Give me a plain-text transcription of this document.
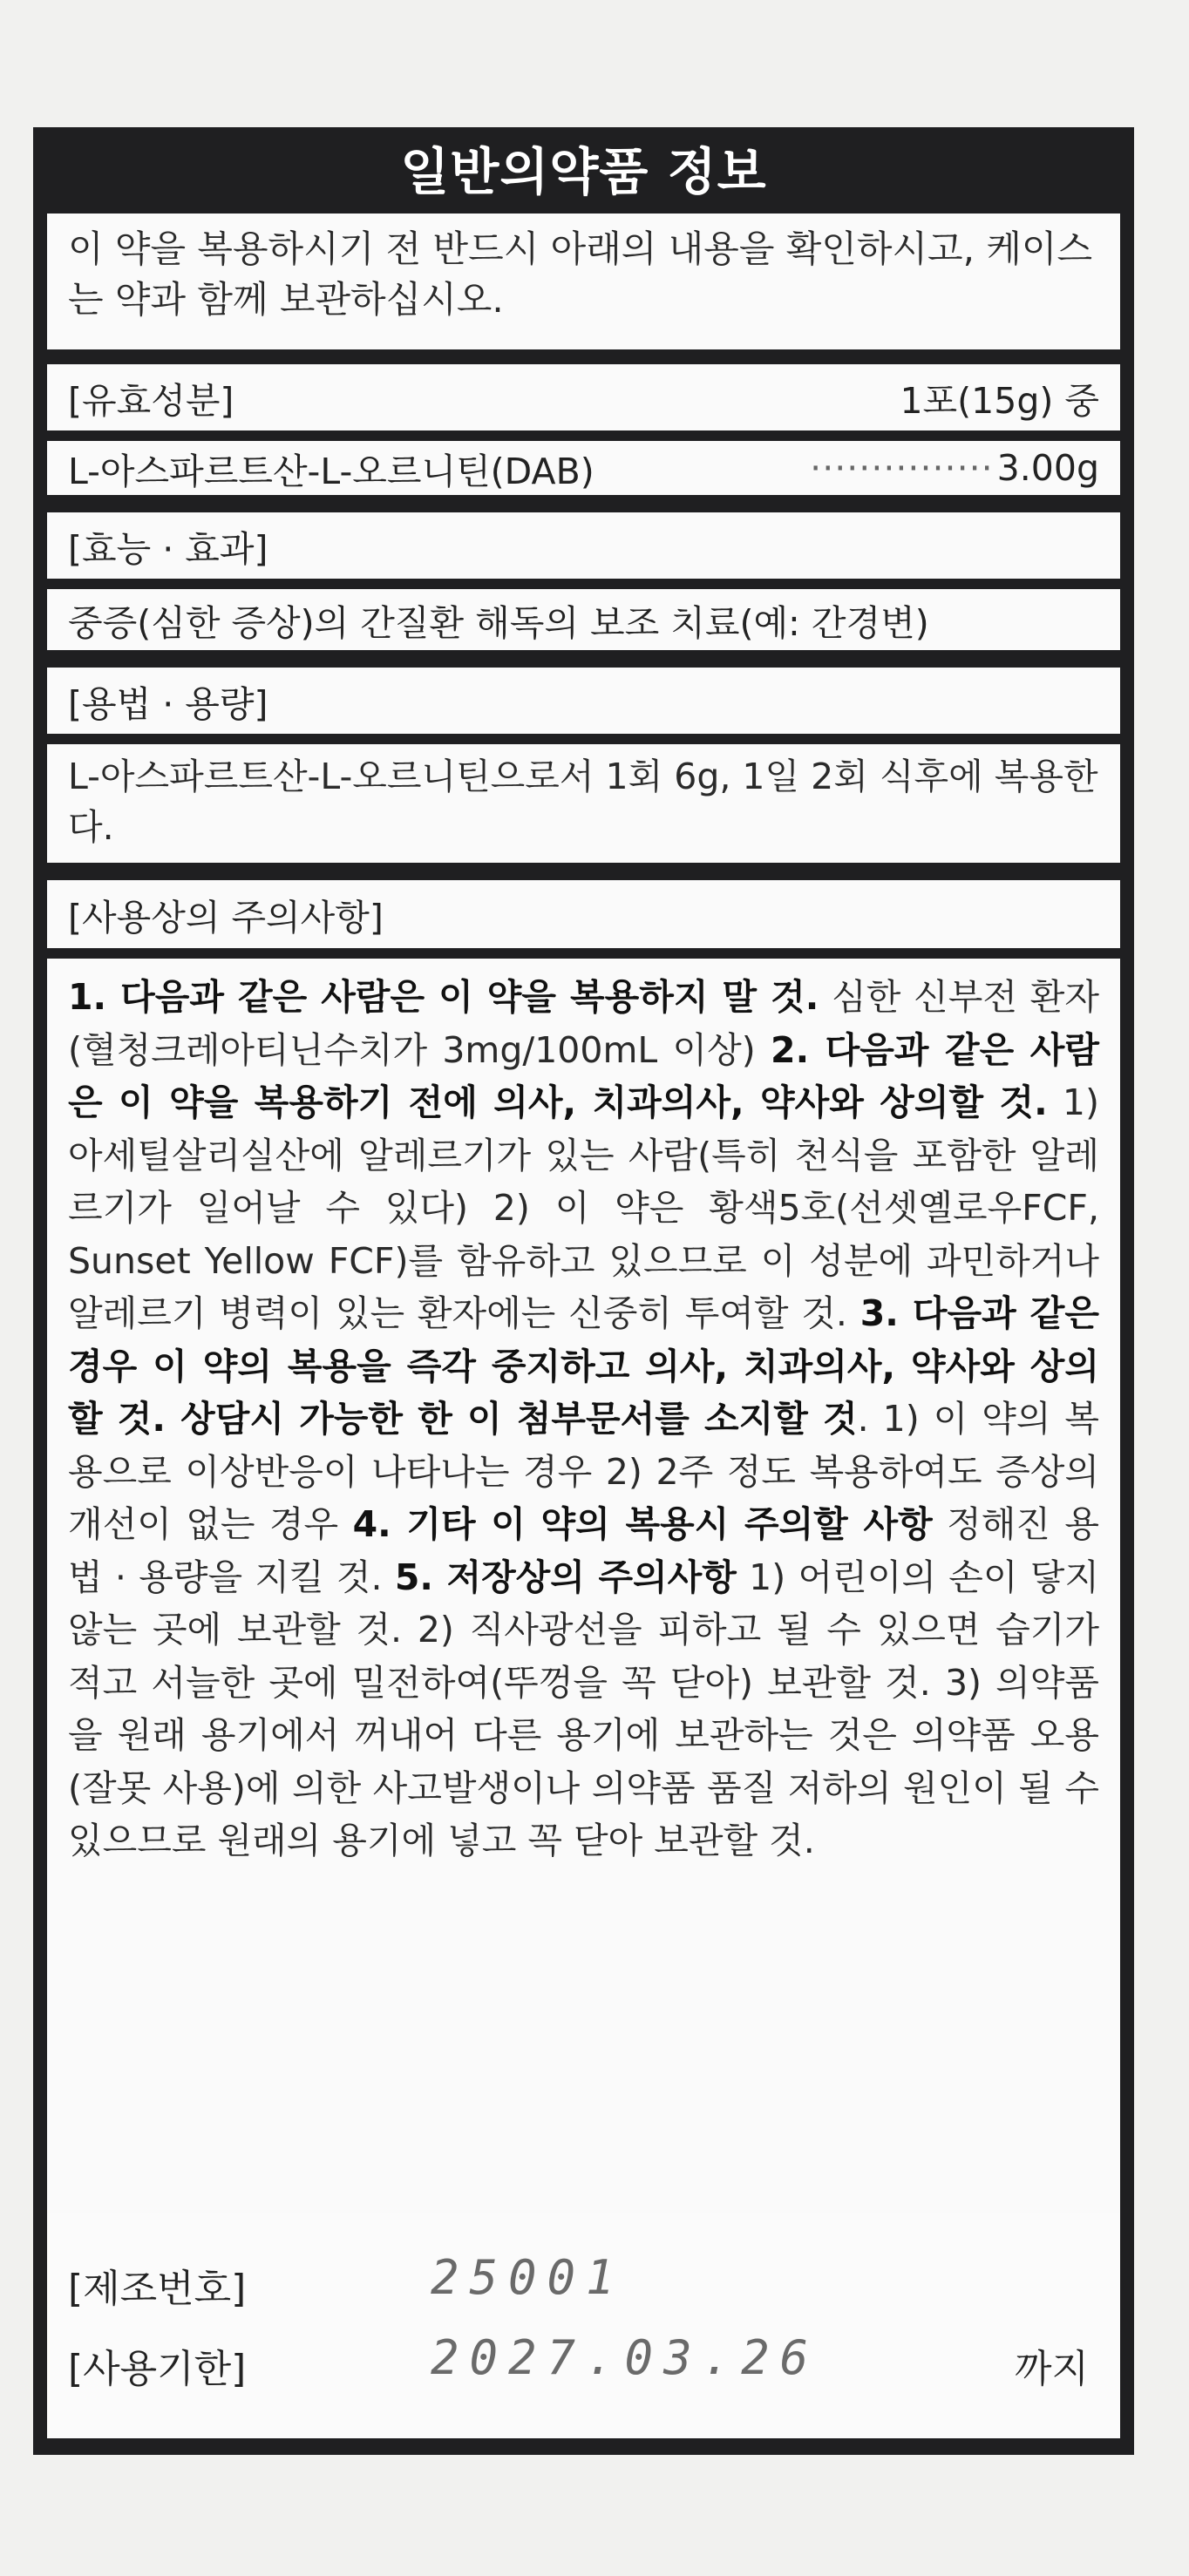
일반의약품 정보
이 약을 복용하시기 전 반드시 아래의 내용을 확인하시고, 케이스는 약과 함께 보관하십시오.
[유효성분]	1포(15g) 중
L-아스파르트산-L-오르니틴(DAB)	··············· 3.00g
[효능 · 효과]
중증(심한 증상)의 간질환 해독의 보조 치료(예: 간경변)
[용법 · 용량]
L-아스파르트산-L-오르니틴으로서 1회 6g, 1일 2회 식후에 복용한다.
[사용상의 주의사항]
1. 다음과 같은 사람은 이 약을 복용하지 말 것. 심한 신부전 환자(혈청크레아티닌수치가 3mg/100mL 이상) 2. 다음과 같은 사람은 이 약을 복용하기 전에 의사, 치과의사, 약사와 상의할 것. 1) 아세틸살리실산에 알레르기가 있는 사람(특히 천식을 포함한 알레르기가 일어날 수 있다) 2) 이 약은 황색5호(선셋옐로우FCF, Sunset Yellow FCF)를 함유하고 있으므로 이 성분에 과민하거나 알레르기 병력이 있는 환자에는 신중히 투여할 것. 3. 다음과 같은 경우 이 약의 복용을 즉각 중지하고 의사, 치과의사, 약사와 상의할 것. 상담시 가능한 한 이 첨부문서를 소지할 것. 1) 이 약의 복용으로 이상반응이 나타나는 경우 2) 2주 정도 복용하여도 증상의 개선이 없는 경우 4. 기타 이 약의 복용시 주의할 사항 정해진 용법 · 용량을 지킬 것. 5. 저장상의 주의사항 1) 어린이의 손이 닿지 않는 곳에 보관할 것. 2) 직사광선을 피하고 될 수 있으면 습기가 적고 서늘한 곳에 밀전하여(뚜껑을 꼭 닫아) 보관할 것. 3) 의약품을 원래 용기에서 꺼내어 다른 용기에 보관하는 것은 의약품 오용(잘못 사용)에 의한 사고발생이나 의약품 품질 저하의 원인이 될 수 있으므로 원래의 용기에 넣고 꼭 닫아 보관할 것.
[제조번호]	25001
[사용기한]	2027.03.26	까지
